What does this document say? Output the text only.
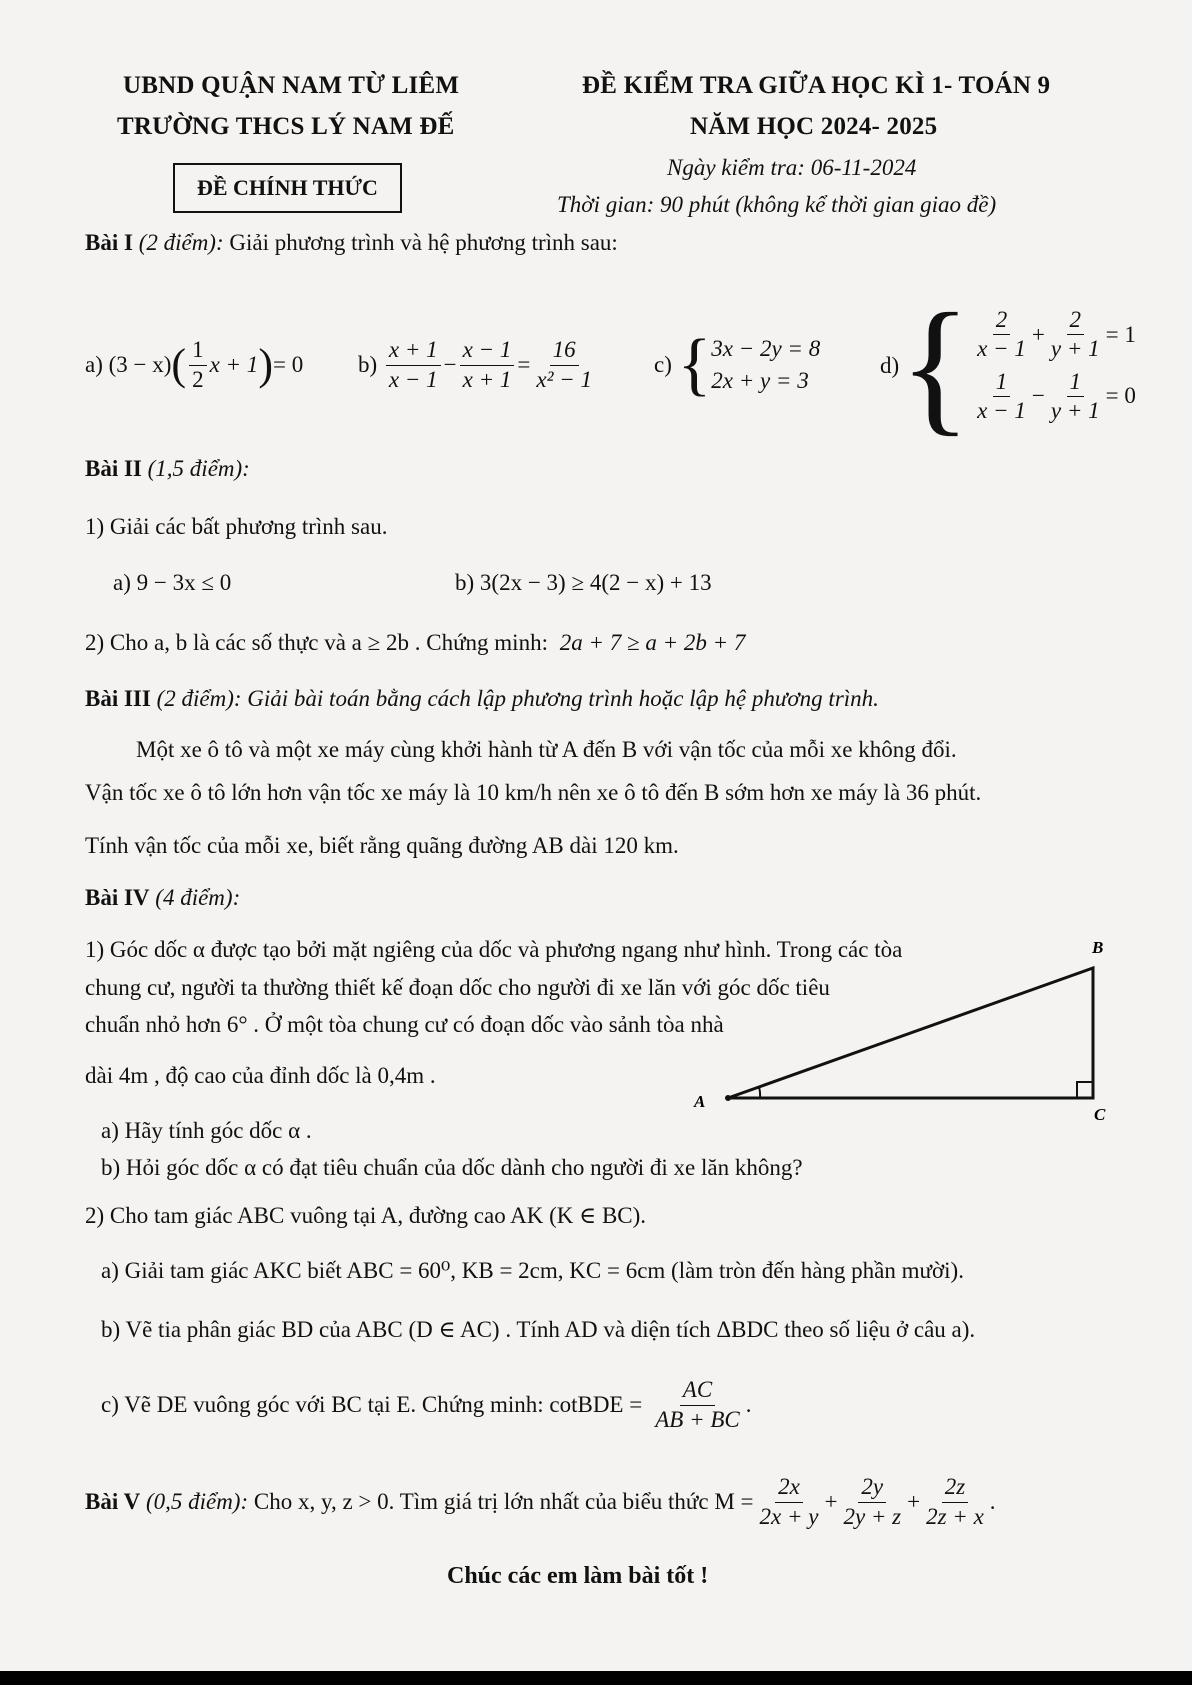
UBND QUẬN NAM TỪ LIÊM
TRƯỜNG THCS LÝ NAM ĐẾ
ĐỀ CHÍNH THỨC
ĐỀ KIỂM TRA GIỮA HỌC KÌ 1- TOÁN 9
NĂM HỌC 2024- 2025
Ngày kiểm tra: 06-11-2024
Thời gian: 90 phút (không kể thời gian giao đề)
Bài I (2 điểm): Giải phương trình và hệ phương trình sau:
a)
(3 − x) ( $\frac{1}{2}$ x + 1 ) = 0 b)
$\frac{x + 1}{x - 1} - \frac{x - 1}{x + 1} = \frac{16}{\text{x² − 1}}$	c)
{ 3x − 2y = 8
2x + y = 3
d) { $\frac{2}{x - 1} + \frac{2}{y + 1} = 1$
$\frac{1}{x - 1} - \frac{1}{y + 1} = 0$
Bài II (1,5 điểm):
1) Giải các bất phương trình sau.
a) 9 − 3x ≤ 0	b) 3(2x − 3) ≥ 4(2 − x) + 13
2) Cho a, b là các số thực và a ≥ 2b . Chứng minh: 2a + 7 ≥ a + 2b + 7
Bài III (2 điểm): Giải bài toán bằng cách lập phương trình hoặc lập hệ phương trình.
Một xe ô tô và một xe máy cùng khởi hành từ A đến B với vận tốc của mỗi xe không đổi.
Vận tốc xe ô tô lớn hơn vận tốc xe máy là 10 km/h nên xe ô tô đến B sớm hơn xe máy là 36 phút.
Tính vận tốc của mỗi xe, biết rằng quãng đường AB dài 120 km.
Bài IV (4 điểm):
1) Góc dốc α được tạo bởi mặt ngiêng của dốc và phương ngang như hình. Trong các tòa
chung cư, người ta thường thiết kế đoạn dốc cho người đi xe lăn với góc dốc tiêu
chuẩn nhỏ hơn 6° . Ở một tòa chung cư có đoạn dốc vào sảnh tòa nhà
dài 4m , độ cao của đỉnh dốc là 0,4m .
A
B
C
a) Hãy tính góc dốc α .
b) Hỏi góc dốc α có đạt tiêu chuẩn của dốc dành cho người đi xe lăn không?
2) Cho tam giác ABC vuông tại A, đường cao AK (K ∈ BC).
a) Giải tam giác AKC biết ABC = 60⁰, KB = 2cm, KC = 6cm (làm tròn đến hàng phần mười).
b) Vẽ tia phân giác BD của ABC (D ∈ AC) . Tính AD và diện tích ΔBDC theo số liệu ở câu a).
c) Vẽ DE vuông góc với BC tại E. Chứng minh: cotBDE = $\frac{AC}{AB + BC}$ .
Bài V
(0,5 điểm):
Cho x, y, z > 0. Tìm giá trị lớn nhất của biểu thức $M = \frac{2x}{2x + y} + \frac{2y}{2y + z} + \frac{2z}{2z + x}$ .
Chúc các em làm bài tốt !
